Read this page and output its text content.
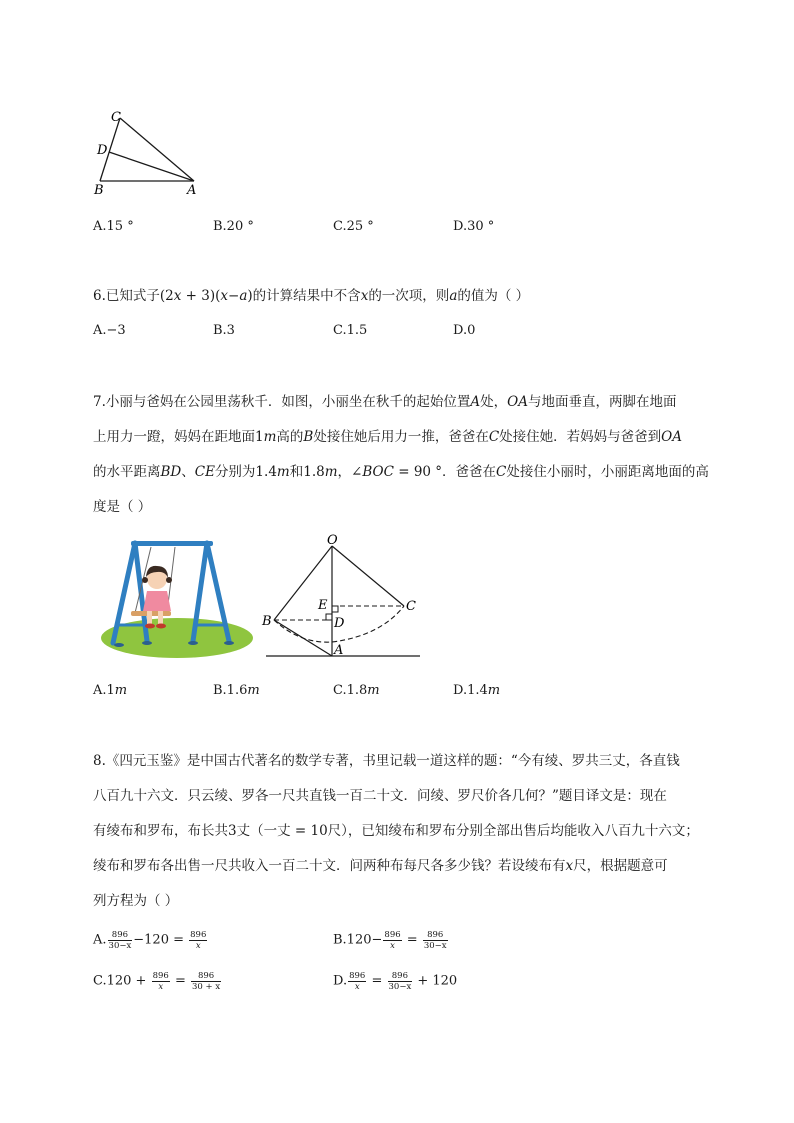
C
D
B	A
A.15 °	B.20 °	C.25 °	D.30 °
6.已知式子(2x + 3)(x−a)的计算结果中不含x的一次项，则a的值为（ ）
A.−3	B.3	C.1.5	D.0
7.小丽与爸妈在公园里荡秋千．如图，小丽坐在秋千的起始位置A处，OA与地面垂直，两脚在地面
上用力一蹬，妈妈在距地面1m高的B处接住她后用力一推，爸爸在C处接住她．若妈妈与爸爸到OA
的水平距离BD、CE分别为1.4m和1.8m，∠BOC = 90 °．爸爸在C处接住小丽时，小丽距离地面的高
度是（ ）
O
E	C
B	D
A
A.1m	B.1.6m	C.1.8m	D.1.4m
8.《四元玉鉴》是中国古代著名的数学专著，书里记载一道这样的题：“今有绫、罗共三丈，各直钱
八百九十六文．只云绫、罗各一尺共直钱一百二十文．问绫、罗尺价各几何？”题目译文是：现在
有绫布和罗布，布长共3丈（一丈 = 10尺），已知绫布和罗布分别全部出售后均能收入八百九十六文；
绫布和罗布各出售一尺共收入一百二十文．问两种布每尺各多少钱？若设绫布有x尺，根据题意可
列方程为（ ）
A. $\frac{896}{30-x} -120 = \frac{896}{x}$	$B.120- \frac{896}{x} = \frac{896}{30-x}$
$C.120 + \frac{896}{x} = \frac{896}{30 + x}$	D. $\frac{896}{x} = \frac{896}{30-x} + 120$
